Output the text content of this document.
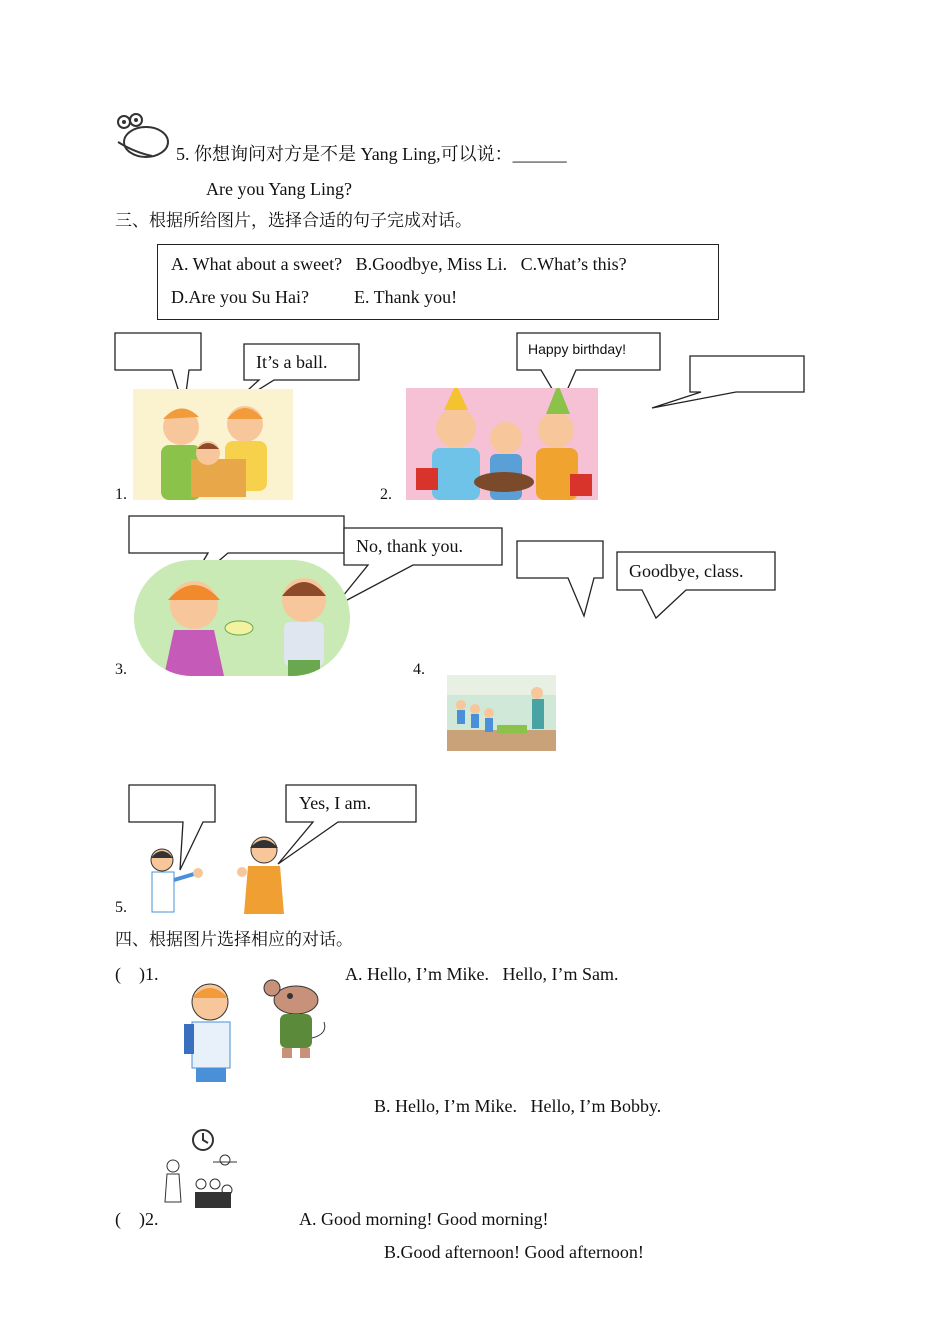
5. 你想询问对方是不是 Yang Ling,可以说：______
Are you Yang Ling?
三、根据所给图片，选择合适的句子完成对话。
A. What about a sweet?   B.Goodbye, Miss Li.   C.What’s this?
D.Are you Su Hai?          E. Thank you!
It’s a ball.
1.
Happy birthday!
2.
No, thank you.
3.
Goodbye, class.
4.
Yes, I am.
5.
四、根据图片选择相应的对话。
(    )1.	A. Hello, I’m Mike.   Hello, I’m Sam.
B. Hello, I’m Mike.   Hello, I’m Bobby.
(    )2.	A. Good morning! Good morning!
B.Good afternoon! Good afternoon!
